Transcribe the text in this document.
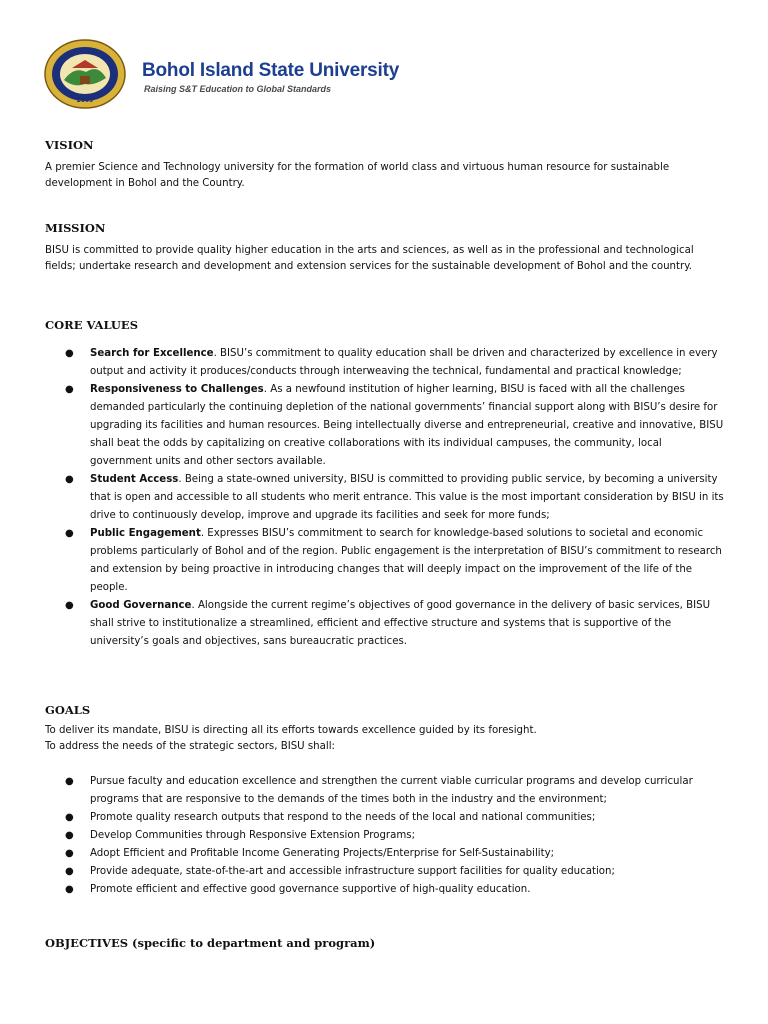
2009
Bohol Island State University
Raising S&T Education to Global Standards
VISION
A premier Science and Technology university for the formation of world class and virtuous human resource for sustainable development in Bohol and the Country.
MISSION
BISU is committed to provide quality higher education in the arts and sciences, as well as in the professional and technological fields; undertake research and development and extension services for the sustainable development of Bohol and the country.
CORE VALUES
● Search for Excellence. BISU’s commitment to quality education shall be driven and characterized by excellence in every output and activity it produces/conducts through interweaving the technical, fundamental and practical knowledge;
● Responsiveness to Challenges. As a newfound institution of higher learning, BISU is faced with all the challenges demanded particularly the continuing depletion of the national governments’ financial support along with BISU’s desire for upgrading its facilities and human resources. Being intellectually diverse and entrepreneurial, creative and innovative, BISU shall beat the odds by capitalizing on creative collaborations with its individual campuses, the community, local government units and other sectors available.
● Student Access. Being a state-owned university, BISU is committed to providing public service, by becoming a university that is open and accessible to all students who merit entrance. This value is the most important consideration by BISU in its drive to continuously develop, improve and upgrade its facilities and seek for more funds;
● Public Engagement. Expresses BISU’s commitment to search for knowledge-based solutions to societal and economic problems particularly of Bohol and of the region. Public engagement is the interpretation of BISU’s commitment to research and extension by being proactive in introducing changes that will deeply impact on the improvement of the life of the people.
● Good Governance. Alongside the current regime’s objectives of good governance in the delivery of basic services, BISU shall strive to institutionalize a streamlined, efficient and effective structure and systems that is supportive of the university’s goals and objectives, sans bureaucratic practices.
GOALS
To deliver its mandate, BISU is directing all its efforts towards excellence guided by its foresight.
To address the needs of the strategic sectors, BISU shall:
● Pursue faculty and education excellence and strengthen the current viable curricular programs and develop curricular programs that are responsive to the demands of the times both in the industry and the environment;
● Promote quality research outputs that respond to the needs of the local and national communities;
● Develop Communities through Responsive Extension Programs;
● Adopt Efficient and Profitable Income Generating Projects/Enterprise for Self-Sustainability;
● Provide adequate, state-of-the-art and accessible infrastructure support facilities for quality education;
● Promote efficient and effective good governance supportive of high-quality education.
OBJECTIVES (specific to department and program)
